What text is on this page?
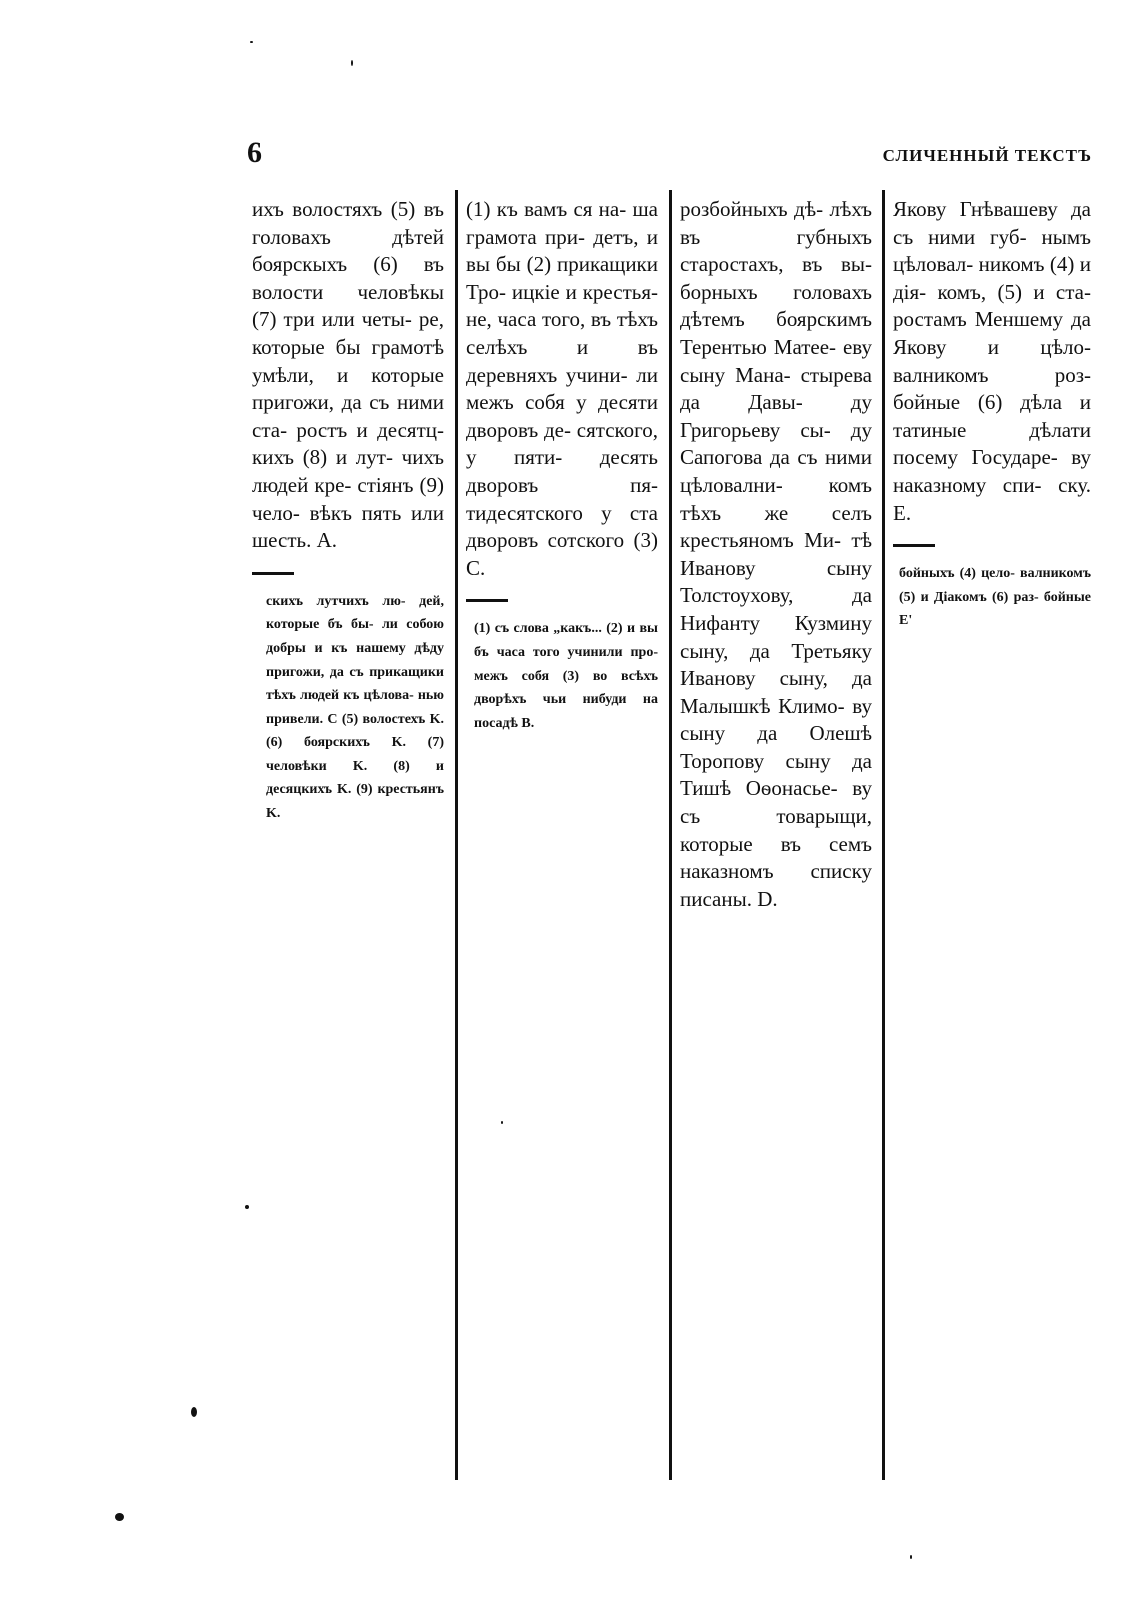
6	СЛИЧЕННЫЙ ТЕКСТЪ

ихъ волостяхъ (5) въ головахъ дѣтей боярскыхъ (6) въ волости человѣкы (7) три или четы- ре, которые бы грамотѣ умѣли, и которые пригожи, да съ ними ста- ростъ и десятц- кихъ (8) и лут- чихъ людей кре- стіянъ (9) чело- вѣкъ пять или шесть. A.

скихъ лутчихъ лю- дей, которые бъ бы- ли собою добры и къ нашему дѣду пригожи, да съ прикащики тѣхъ людей къ цѣлова- нью привели. C (5) волостехъ K. (6) боярскихъ K. (7) человѣки K. (8) и десяцкихъ K. (9) крестьянъ K.

(1) къ вамъ ся на- ша грамота при- детъ, и вы бы (2) прикащики Тро- ицкіе и крестья- не, часа того, въ тѣхъ селѣхъ и въ деревняхъ учини- ли межъ собя у десяти дворовъ де- сятского, у пяти- десять дворовъ пя- тидесятского у ста дворовъ сотского (3) C.

(1) съ слова „какъ... (2) и вы бъ часа того учинили про- межъ собя (3) во всѣхъ дворѣхъ чьи нибуди на посадѣ B.

розбойныхъ дѣ- лѣхъ въ губныхъ старостахъ, въ вы- борныхъ головахъ дѣтемъ боярскимъ Терентью Матее- еву сыну Мана- стырева да Давы- ду Григорьеву сы- ду Сапогова да съ ними цѣловални- комъ тѣхъ же селъ крестьяномъ Ми- тѣ Иванову сыну Толстоухову, да Нифанту Кузмину сыну, да Третьяку Иванову сыну, да Малышкѣ Климо- ву сыну да Олешѣ Торопову сыну да Тишѣ Оѳонасье- ву съ товарыщи, которые въ семъ наказномъ списку писаны. D.

Якову Гнѣвашеву да съ ними губ- нымъ цѣловал- никомъ (4) и дія- комъ, (5) и ста- ростамъ Меншему да Якову и цѣло- валникомъ роз- бойные (6) дѣла и татиные дѣлати посему Государе- ву наказному спи- ску. E.

бойныхъ (4) цело- валникомъ (5) и Діакомъ (6) раз- бойные E'
